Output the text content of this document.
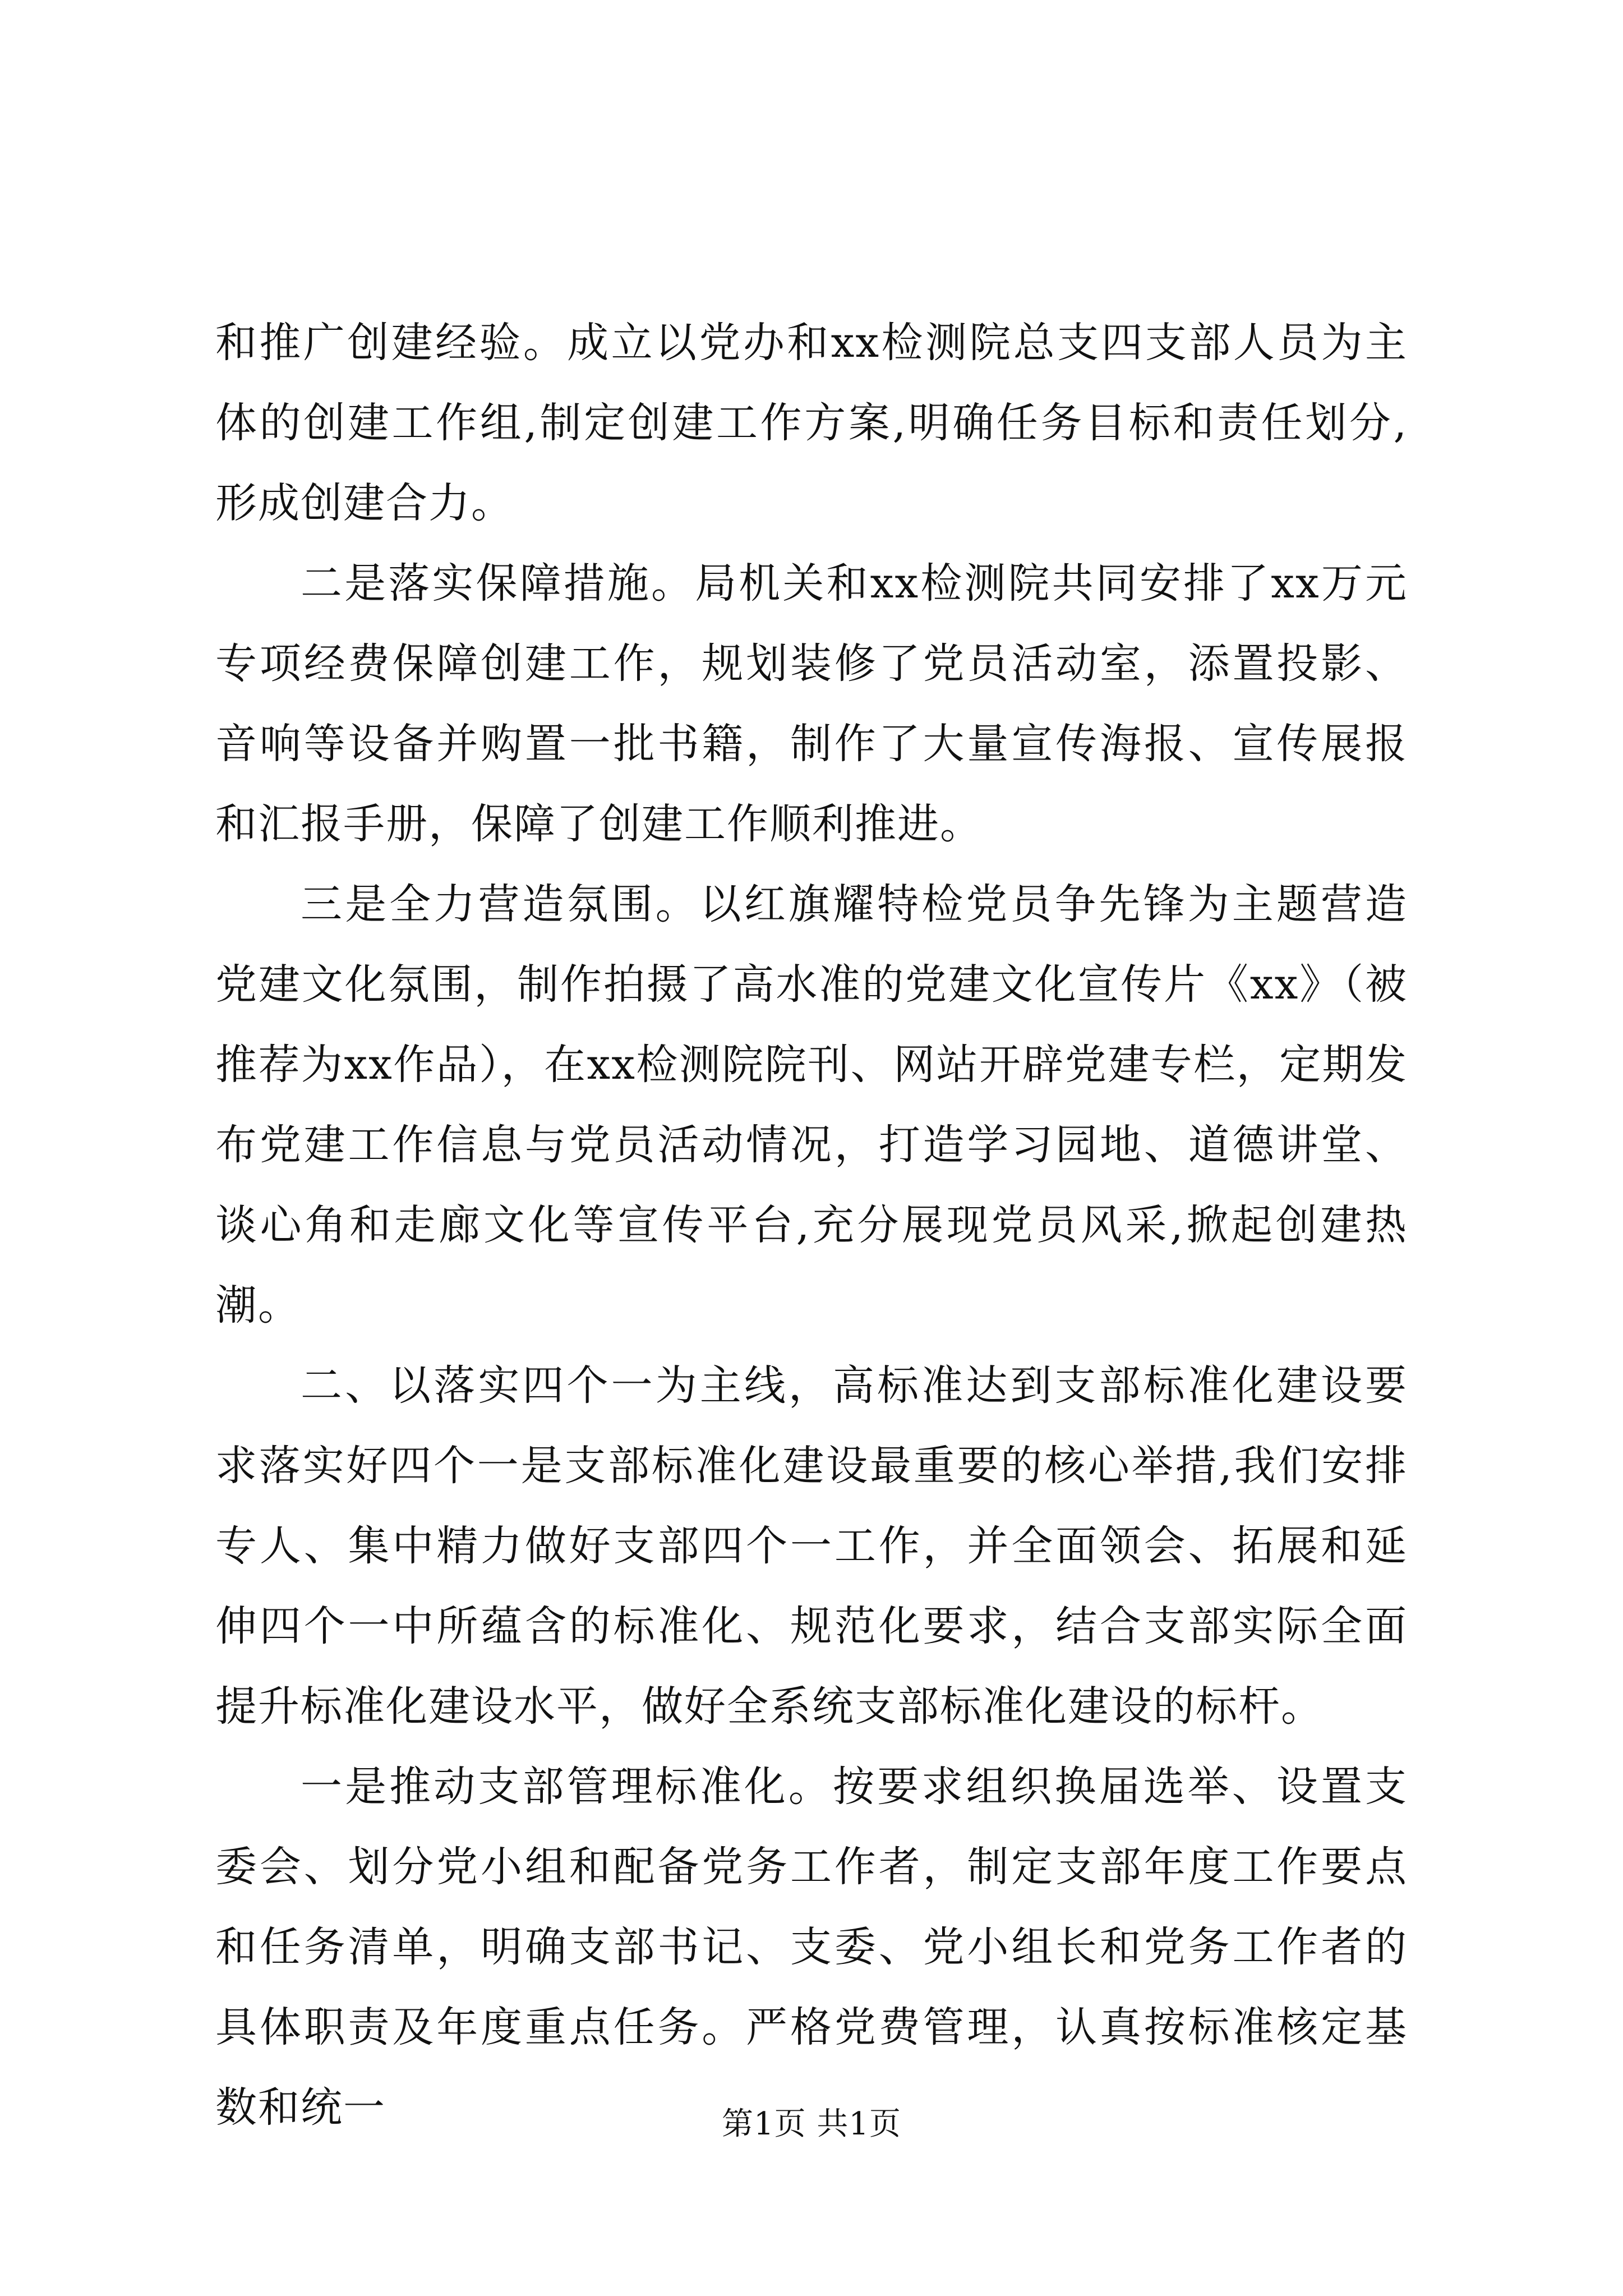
和推广创建经验。成立以党办和xx检测院总支四支部人员为主体的创建工作组,制定创建工作方案,明确任务目标和责任划分,形成创建合力。

二是落实保障措施。局机关和xx检测院共同安排了xx万元专项经费保障创建工作，规划装修了党员活动室，添置投影、音响等设备并购置一批书籍，制作了大量宣传海报、宣传展报和汇报手册，保障了创建工作顺利推进。

三是全力营造氛围。以红旗耀特检党员争先锋为主题营造党建文化氛围，制作拍摄了高水准的党建文化宣传片《xx》（被推荐为xx作品），在xx检测院院刊、网站开辟党建专栏，定期发布党建工作信息与党员活动情况，打造学习园地、道德讲堂、谈心角和走廊文化等宣传平台,充分展现党员风采,掀起创建热潮。

二、以落实四个一为主线，高标准达到支部标准化建设要求落实好四个一是支部标准化建设最重要的核心举措,我们安排专人、集中精力做好支部四个一工作，并全面领会、拓展和延伸四个一中所蕴含的标准化、规范化要求，结合支部实际全面提升标准化建设水平，做好全系统支部标准化建设的标杆。

一是推动支部管理标准化。按要求组织换届选举、设置支委会、划分党小组和配备党务工作者，制定支部年度工作要点和任务清单，明确支部书记、支委、党小组长和党务工作者的具体职责及年度重点任务。严格党费管理，认真按标准核定基数和统一	第1页 共1页
